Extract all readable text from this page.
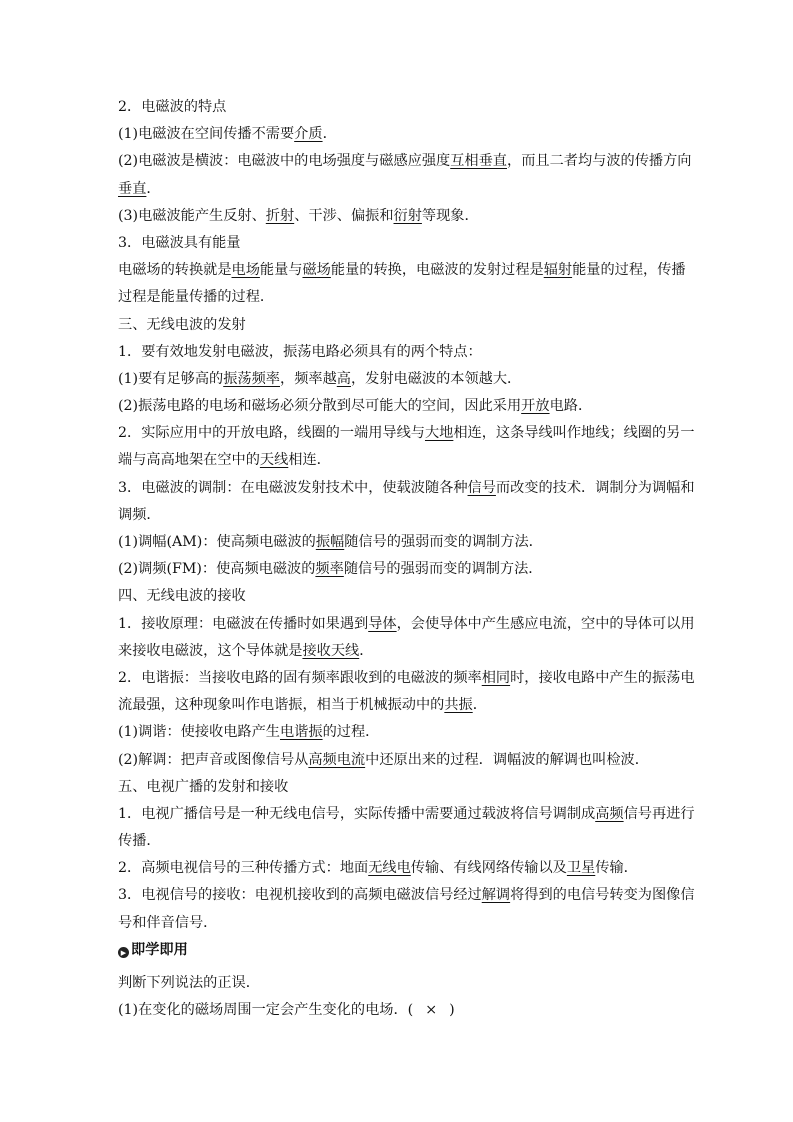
2．电磁波的特点
(1)电磁波在空间传播不需要介质．
(2)电磁波是横波：电磁波中的电场强度与磁感应强度互相垂直，而且二者均与波的传播方向
垂直．
(3)电磁波能产生反射、折射、干涉、偏振和衍射等现象．
3．电磁波具有能量
电磁场的转换就是电场能量与磁场能量的转换，电磁波的发射过程是辐射能量的过程，传播
过程是能量传播的过程．
三、无线电波的发射
1．要有效地发射电磁波，振荡电路必须具有的两个特点：
(1)要有足够高的振荡频率，频率越高，发射电磁波的本领越大．
(2)振荡电路的电场和磁场必须分散到尽可能大的空间，因此采用开放电路．
2．实际应用中的开放电路，线圈的一端用导线与大地相连，这条导线叫作地线；线圈的另一
端与高高地架在空中的天线相连．
3．电磁波的调制：在电磁波发射技术中，使载波随各种信号而改变的技术．调制分为调幅和
调频．
(1)调幅(AM)：使高频电磁波的振幅随信号的强弱而变的调制方法．
(2)调频(FM)：使高频电磁波的频率随信号的强弱而变的调制方法．
四、无线电波的接收
1．接收原理：电磁波在传播时如果遇到导体，会使导体中产生感应电流，空中的导体可以用
来接收电磁波，这个导体就是接收天线．
2．电谐振：当接收电路的固有频率跟收到的电磁波的频率相同时，接收电路中产生的振荡电
流最强，这种现象叫作电谐振，相当于机械振动中的共振．
(1)调谐：使接收电路产生电谐振的过程．
(2)解调：把声音或图像信号从高频电流中还原出来的过程．调幅波的解调也叫检波．
五、电视广播的发射和接收
1．电视广播信号是一种无线电信号，实际传播中需要通过载波将信号调制成高频信号再进行
传播．
2．高频电视信号的三种传播方式：地面无线电传输、有线网络传输以及卫星传输．
3．电视信号的接收：电视机接收到的高频电磁波信号经过解调将得到的电信号转变为图像信
号和伴音信号．
▶ 即学即用
判断下列说法的正误．
(1)在变化的磁场周围一定会产生变化的电场．( × )
